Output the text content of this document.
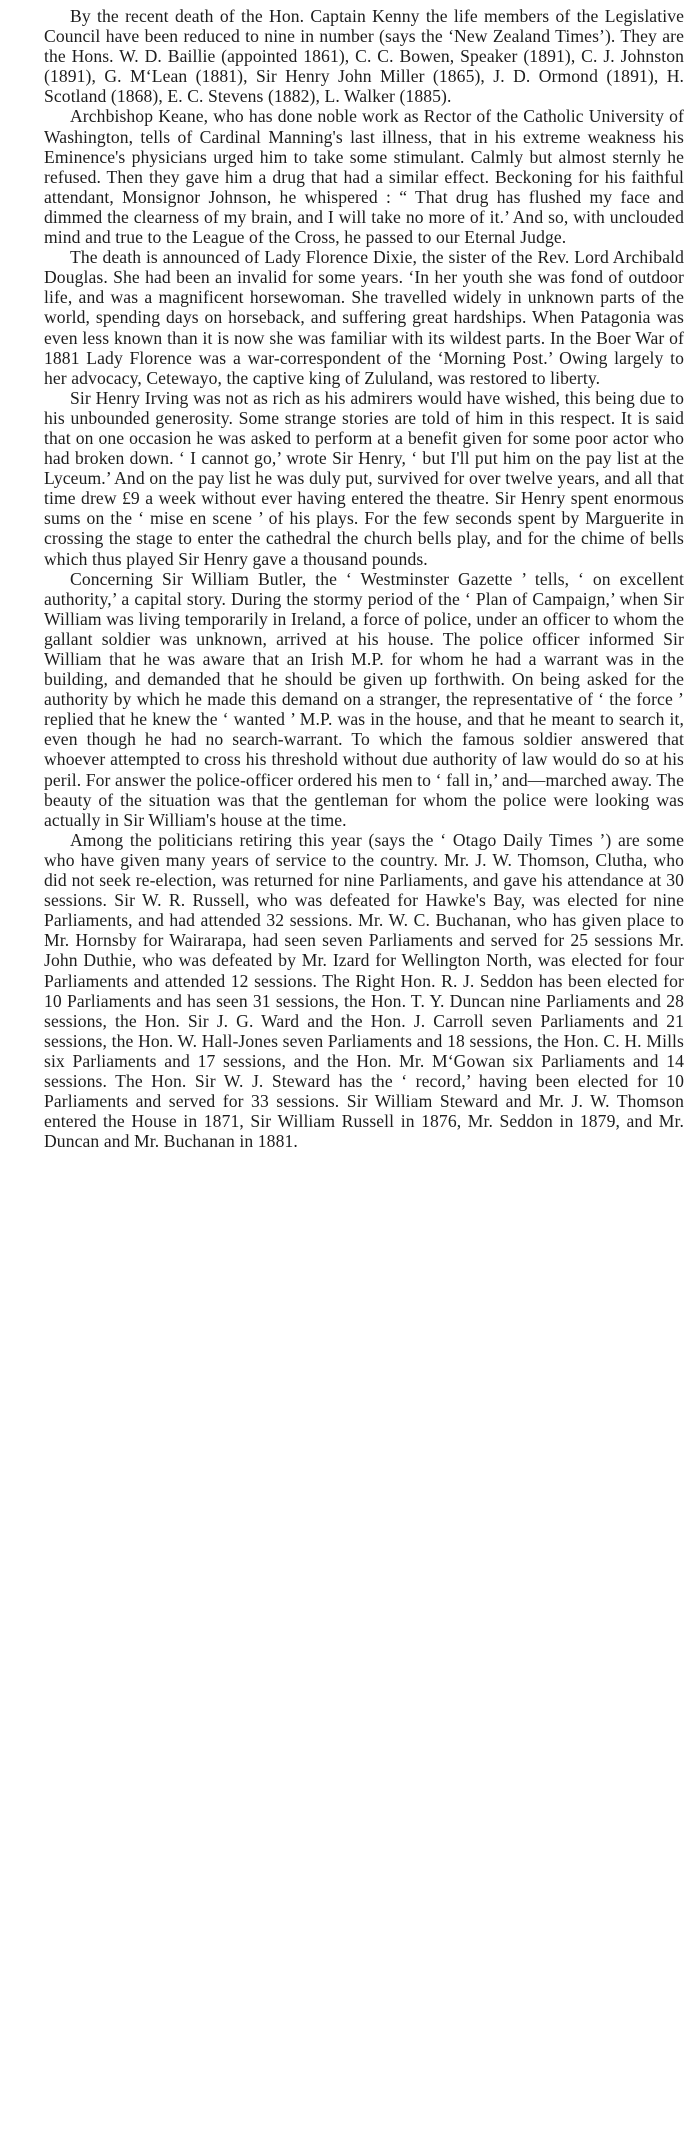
By the recent death of the Hon. Captain Kenny the life members of the Legislative Council have been reduced to nine in number (says the ‘New Zealand Times’). They are the Hons. W. D. Baillie (appointed 1861), C. C. Bowen, Speaker (1891), C. J. Johnston (1891), G. M‘Lean (1881), Sir Henry John Miller (1865), J. D. Ormond (1891), H. Scotland (1868), E. C. Stevens (1882), L. Walker (1885).

Archbishop Keane, who has done noble work as Rector of the Catholic University of Washington, tells of Cardinal Manning's last illness, that in his extreme weakness his Eminence's physicians urged him to take some stimulant. Calmly but almost sternly he refused. Then they gave him a drug that had a similar effect. Beckoning for his faithful attendant, Monsignor Johnson, he whispered : “ That drug has flushed my face and dimmed the clearness of my brain, and I will take no more of it.’ And so, with unclouded mind and true to the League of the Cross, he passed to our Eternal Judge.

The death is announced of Lady Florence Dixie, the sister of the Rev. Lord Archibald Douglas. She had been an invalid for some years. ‘In her youth she was fond of outdoor life, and was a magnificent horsewoman. She travelled widely in unknown parts of the world, spending days on horseback, and suffering great hardships. When Patagonia was even less known than it is now she was familiar with its wildest parts. In the Boer War of 1881 Lady Florence was a war-correspondent of the ‘Morning Post.’ Owing largely to her advocacy, Cetewayo, the captive king of Zululand, was restored to liberty.

Sir Henry Irving was not as rich as his admirers would have wished, this being due to his unbounded generosity. Some strange stories are told of him in this respect. It is said that on one occasion he was asked to perform at a benefit given for some poor actor who had broken down. ‘ I cannot go,’ wrote Sir Henry, ‘ but I'll put him on the pay list at the Lyceum.’ And on the pay list he was duly put, survived for over twelve years, and all that time drew £9 a week without ever having entered the theatre. Sir Henry spent enormous sums on the ‘ mise en scene ’ of his plays. For the few seconds spent by Marguerite in crossing the stage to enter the cathedral the church bells play, and for the chime of bells which thus played Sir Henry gave a thousand pounds.

Concerning Sir William Butler, the ‘ Westminster Gazette ’ tells, ‘ on excellent authority,’ a capital story. During the stormy period of the ‘ Plan of Campaign,’ when Sir William was living temporarily in Ireland, a force of police, under an officer to whom the gallant soldier was unknown, arrived at his house. The police officer informed Sir William that he was aware that an Irish M.P. for whom he had a warrant was in the building, and demanded that he should be given up forthwith. On being asked for the authority by which he made this demand on a stranger, the representative of ‘ the force ’ replied that he knew the ‘ wanted ’ M.P. was in the house, and that he meant to search it, even though he had no search-warrant. To which the famous soldier answered that whoever attempted to cross his threshold without due authority of law would do so at his peril. For answer the police-officer ordered his men to ‘ fall in,’ and—marched away. The beauty of the situation was that the gentleman for whom the police were looking was actually in Sir William's house at the time.

Among the politicians retiring this year (says the ‘ Otago Daily Times ’) are some who have given many years of service to the country. Mr. J. W. Thomson, Clutha, who did not seek re-election, was returned for nine Parliaments, and gave his attendance at 30 sessions. Sir W. R. Russell, who was defeated for Hawke's Bay, was elected for nine Parliaments, and had attended 32 sessions. Mr. W. C. Buchanan, who has given place to Mr. Hornsby for Wairarapa, had seen seven Parliaments and served for 25 sessions Mr. John Duthie, who was defeated by Mr. Izard for Wellington North, was elected for four Parliaments and attended 12 sessions. The Right Hon. R. J. Seddon has been elected for 10 Parliaments and has seen 31 sessions, the Hon. T. Y. Duncan nine Parliaments and 28 sessions, the Hon. Sir J. G. Ward and the Hon. J. Carroll seven Parliaments and 21 sessions, the Hon. W. Hall-Jones seven Parliaments and 18 sessions, the Hon. C. H. Mills six Parliaments and 17 sessions, and the Hon. Mr. M‘Gowan six Parliaments and 14 sessions. The Hon. Sir W. J. Steward has the ‘ record,’ having been elected for 10 Parliaments and served for 33 sessions. Sir William Steward and Mr. J. W. Thomson entered the House in 1871, Sir William Russell in 1876, Mr. Seddon in 1879, and Mr. Duncan and Mr. Buchanan in 1881.
